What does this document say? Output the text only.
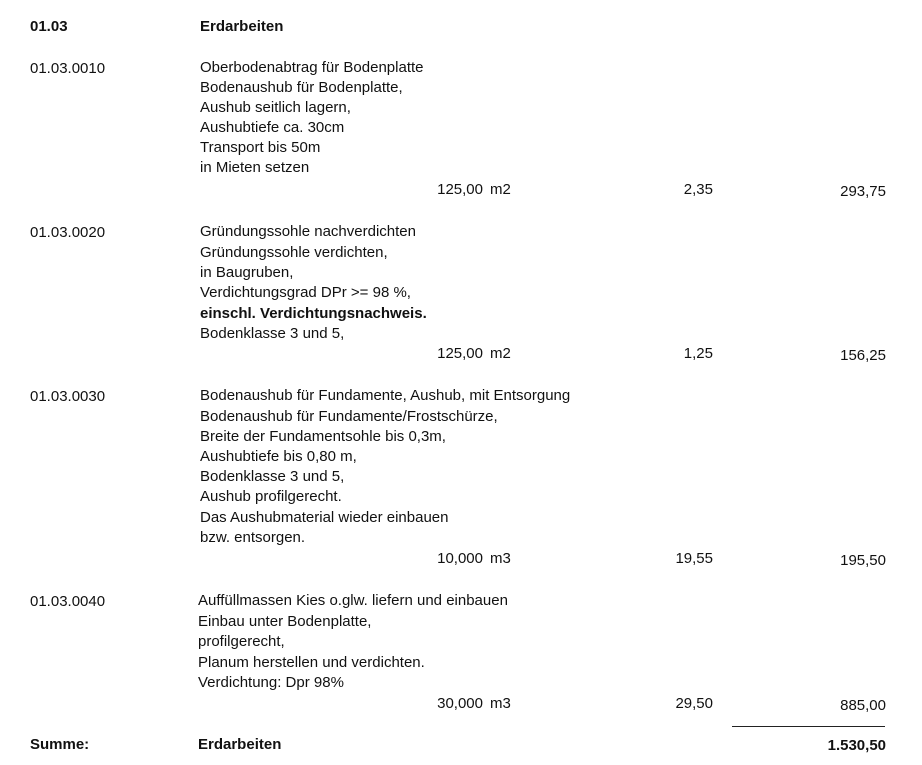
01.03	Erdarbeiten
01.03.0010	Oberbodenabtrag für Bodenplatte
Bodenaushub für Bodenplatte,
Aushub seitlich lagern,
Aushubtiefe ca. 30cm
Transport bis 50m
in Mieten setzen
125,00 m2	2,35	293,75
01.03.0020	Gründungssohle nachverdichten
Gründungssohle verdichten,
in Baugruben,
Verdichtungsgrad DPr >= 98 %,
einschl. Verdichtungsnachweis.
Bodenklasse 3 und 5,
125,00 m2	1,25	156,25
01.03.0030	Bodenaushub für Fundamente, Aushub, mit Entsorgung
Bodenaushub für Fundamente/Frostschürze,
Breite der Fundamentsohle bis 0,3m,
Aushubtiefe bis 0,80 m,
Bodenklasse 3 und 5,
Aushub profilgerecht.
Das Aushubmaterial wieder einbauen
bzw. entsorgen.
10,000 m3	19,55	195,50
01.03.0040	Auffüllmassen Kies o.glw. liefern und einbauen
Einbau unter Bodenplatte,
profilgerecht,
Planum herstellen und verdichten.
Verdichtung: Dpr 98%
30,000 m3	29,50	885,00
Summe:	Erdarbeiten	1.530,50
